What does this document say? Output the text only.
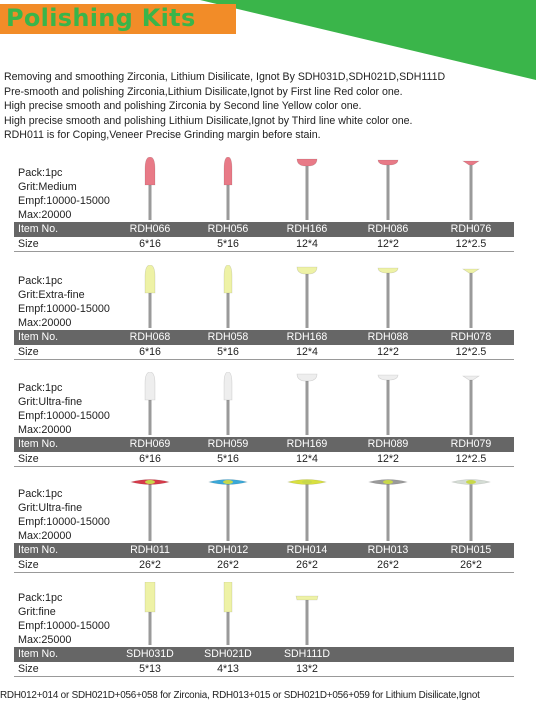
Polishing Kits
Removing and smoothing Zirconia, Lithium Disilicate, Ignot By SDH031D,SDH021D,SDH111D
Pre-smooth and polishing Zirconia,Lithium Disilicate,Ignot by First line Red color one.
High precise smooth and polishing Zirconia by Second line Yellow color one.
High precise smooth and polishing Lithium Disilicate,Ignot by Third line white color one.
RDH011 is for Coping,Veneer Precise Grinding margin before stain.
Pack:1pc
Grit:Medium
Empf:10000-15000
Max:20000
Item No.	RDH066	RDH056	RDH166	RDH086	RDH076
Size	6*16	5*16	12*4	12*2	12*2.5
Pack:1pc
Grit:Extra-fine
Empf:10000-15000
Max:20000
Item No.	RDH068	RDH058	RDH168	RDH088	RDH078
Size	6*16	5*16	12*4	12*2	12*2.5
Pack:1pc
Grit:Ultra-fine
Empf:10000-15000
Max:20000
Item No.	RDH069	RDH059	RDH169	RDH089	RDH079
Size	6*16	5*16	12*4	12*2	12*2.5
Pack:1pc
Grit:Ultra-fine
Empf:10000-15000
Max:20000
Item No.	RDH011	RDH012	RDH014	RDH013	RDH015
Size	26*2	26*2	26*2	26*2	26*2
Pack:1pc
Grit:fine
Empf:10000-15000
Max:25000
Item No.	SDH031D	SDH021D	SDH111D
Size	5*13	4*13	13*2
RDH012+014 or SDH021D+056+058 for Zirconia, RDH013+015 or SDH021D+056+059 for Lithium Disilicate,Ignot
